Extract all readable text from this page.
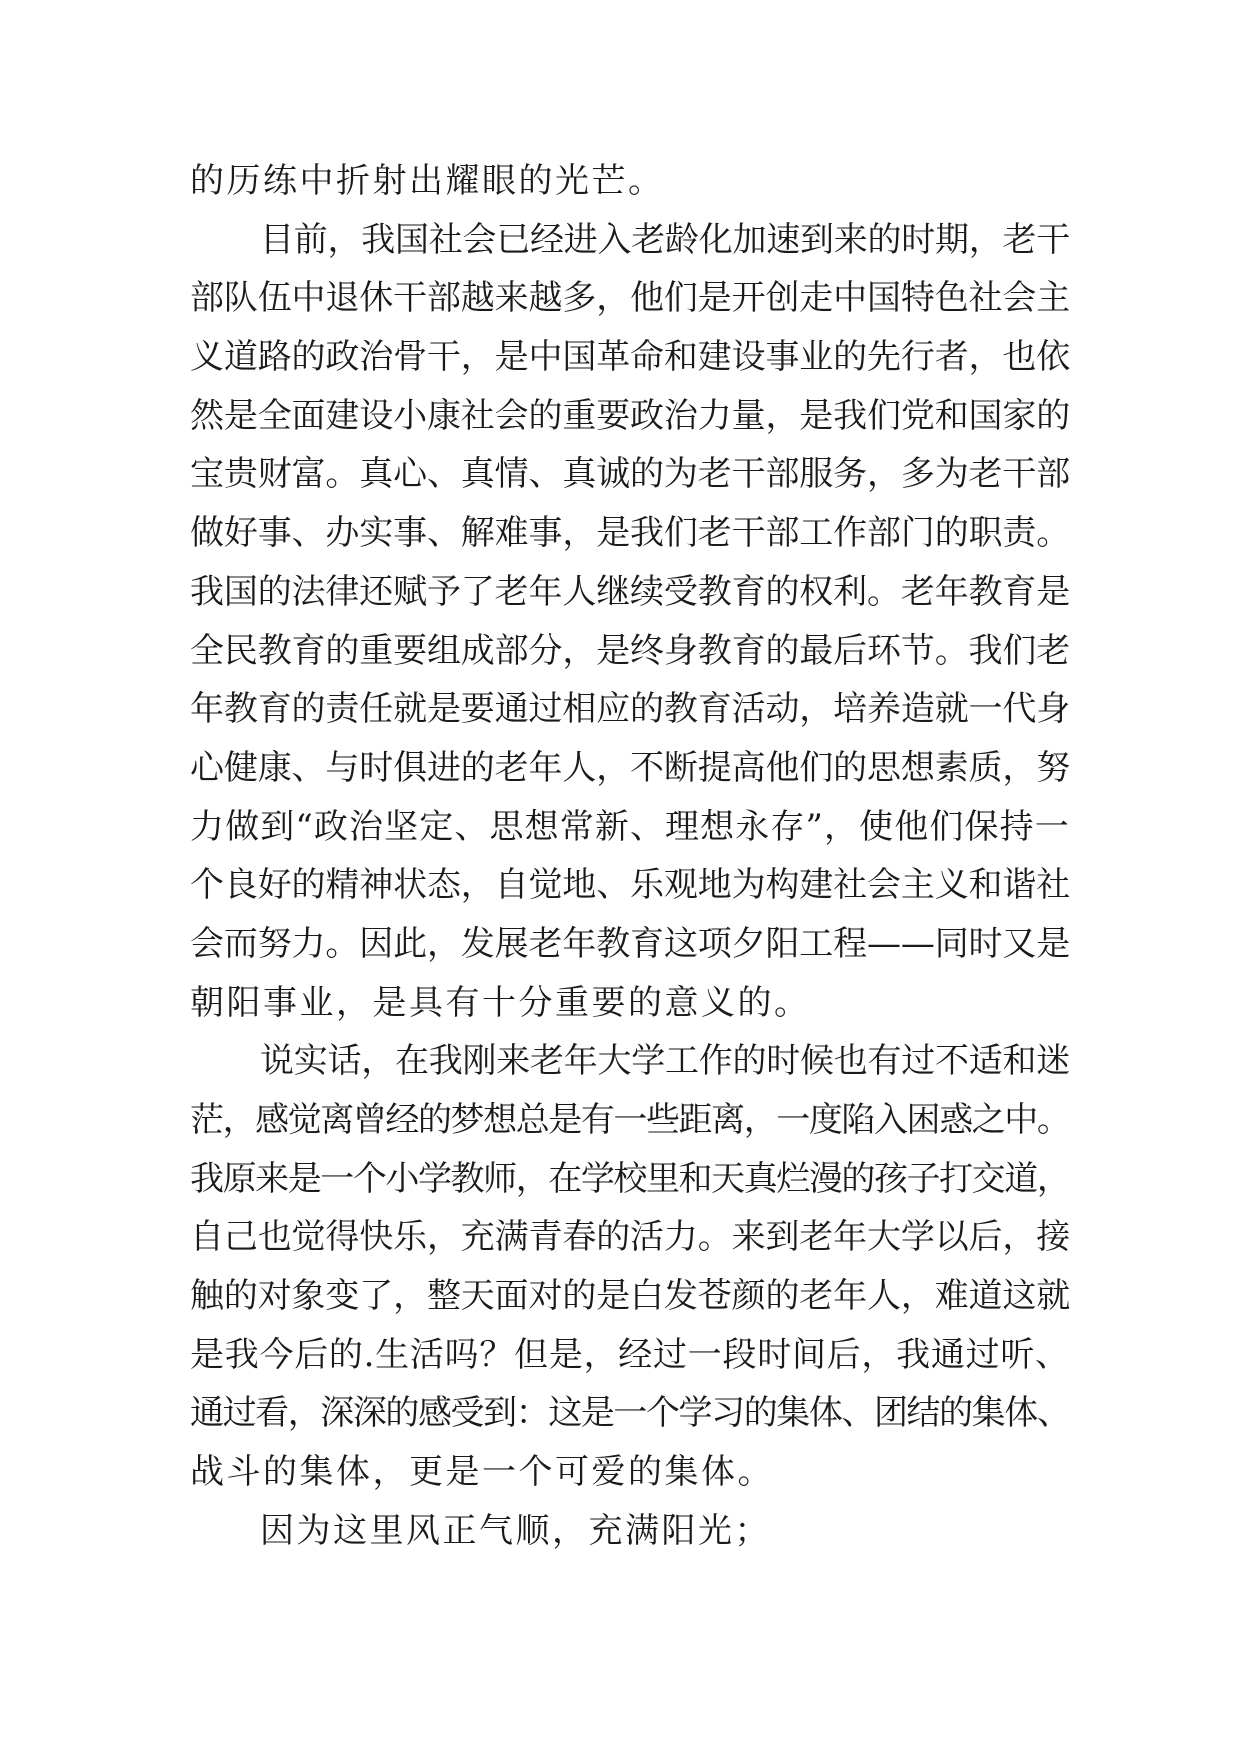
的历练中折射出耀眼的光芒。
目前，我国社会已经进入老龄化加速到来的时期，老干
部队伍中退休干部越来越多，他们是开创走中国特色社会主
义道路的政治骨干，是中国革命和建设事业的先行者，也依
然是全面建设小康社会的重要政治力量，是我们党和国家的
宝贵财富。真心、真情、真诚的为老干部服务，多为老干部
做好事、办实事、解难事，是我们老干部工作部门的职责。
我国的法律还赋予了老年人继续受教育的权利。老年教育是
全民教育的重要组成部分，是终身教育的最后环节。我们老
年教育的责任就是要通过相应的教育活动，培养造就一代身
心健康、与时俱进的老年人，不断提高他们的思想素质，努
力做到“政治坚定、思想常新、理想永存”，使他们保持一
个良好的精神状态，自觉地、乐观地为构建社会主义和谐社
会而努力。因此，发展老年教育这项夕阳工程——同时又是
朝阳事业，是具有十分重要的意义的。
说实话，在我刚来老年大学工作的时候也有过不适和迷
茫，感觉离曾经的梦想总是有一些距离，一度陷入困惑之中。
我原来是一个小学教师，在学校里和天真烂漫的孩子打交道，
自己也觉得快乐，充满青春的活力。来到老年大学以后，接
触的对象变了，整天面对的是白发苍颜的老年人，难道这就
是我今后的.生活吗？但是，经过一段时间后，我通过听、
通过看，深深的感受到：这是一个学习的集体、团结的集体、
战斗的集体，更是一个可爱的集体。
因为这里风正气顺，充满阳光；
